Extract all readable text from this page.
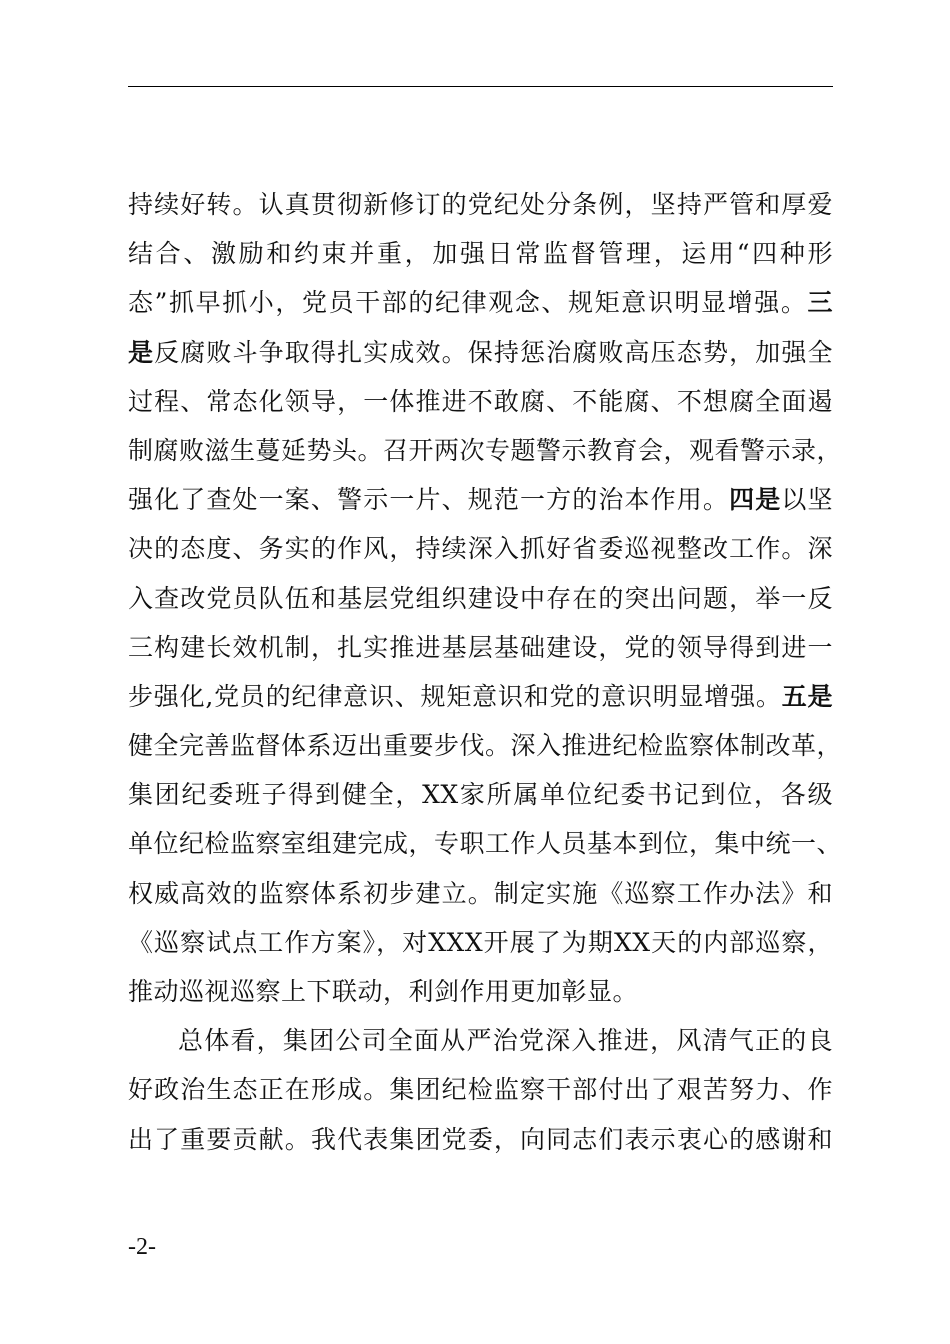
持续好转。认真贯彻新修订的党纪处分条例，坚持严管和厚爱
结合、激励和约束并重，加强日常监督管理，运用“四种形
态”抓早抓小，党员干部的纪律观念、规矩意识明显增强。三
是反腐败斗争取得扎实成效。保持惩治腐败高压态势，加强全
过程、常态化领导，一体推进不敢腐、不能腐、不想腐全面遏
制腐败滋生蔓延势头。召开两次专题警示教育会，观看警示录，
强化了查处一案、警示一片、规范一方的治本作用。四是以坚
决的态度、务实的作风，持续深入抓好省委巡视整改工作。深
入查改党员队伍和基层党组织建设中存在的突出问题，举一反
三构建长效机制，扎实推进基层基础建设，党的领导得到进一
步强化,党员的纪律意识、规矩意识和党的意识明显增强。五是
健全完善监督体系迈出重要步伐。深入推进纪检监察体制改革，
集团纪委班子得到健全，XX家所属单位纪委书记到位，各级
单位纪检监察室组建完成，专职工作人员基本到位，集中统一、
权威高效的监察体系初步建立。制定实施《巡察工作办法》和
《巡察试点工作方案》，对XXX开展了为期XX天的内部巡察，
推动巡视巡察上下联动，利剑作用更加彰显。
总体看，集团公司全面从严治党深入推进，风清气正的良
好政治生态正在形成。集团纪检监察干部付出了艰苦努力、作
出了重要贡献。我代表集团党委，向同志们表示衷心的感谢和
-2-
